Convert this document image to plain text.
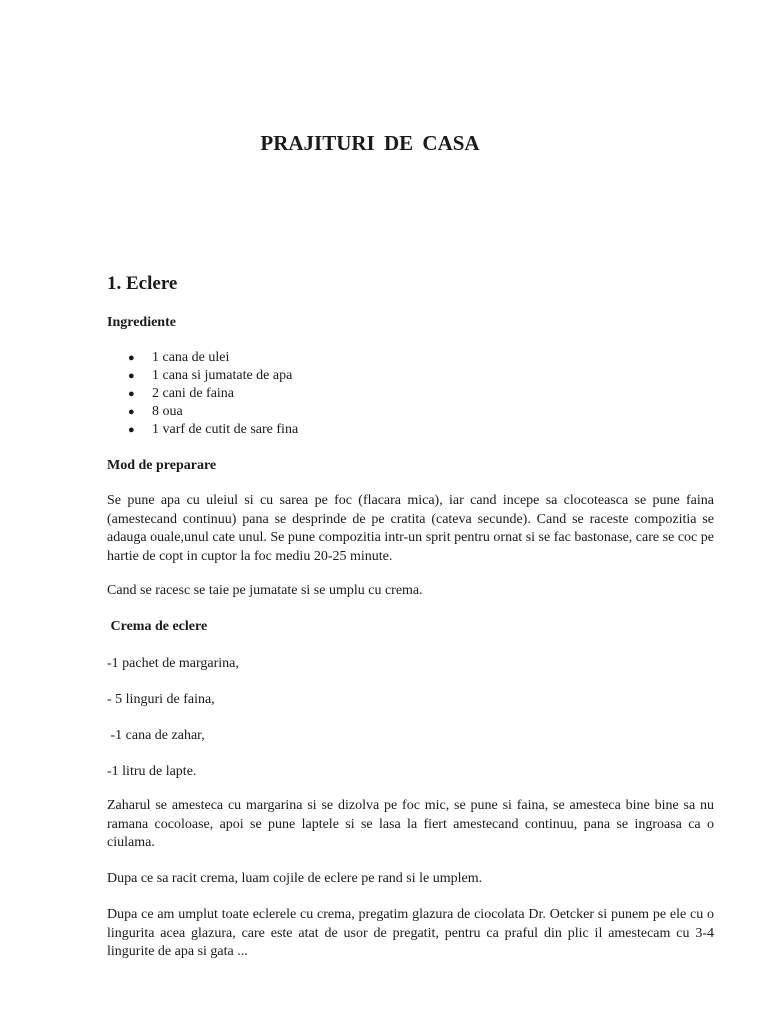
PRAJITURI DE CASA
1. Eclere

Ingrediente

● 1 cana de ulei
● 1 cana si jumatate de apa
● 2 cani de faina
● 8 oua
● 1 varf de cutit de sare fina

Mod de preparare

Se pune apa cu uleiul si cu sarea pe foc (flacara mica), iar cand incepe sa clocoteasca se pune faina (amestecand continuu) pana se desprinde de pe cratita (cateva secunde). Cand se raceste compozitia se adauga ouale,unul cate unul. Se pune compozitia intr-un sprit pentru ornat si se fac bastonase, care se coc pe hartie de copt in cuptor la foc mediu 20-25 minute.

Cand se racesc se taie pe jumatate si se umplu cu crema.

Crema de eclere

-1 pachet de margarina,

- 5 linguri de faina,

-1 cana de zahar,

-1 litru de lapte.

Zaharul se amesteca cu margarina si se dizolva pe foc mic, se pune si faina, se amesteca bine bine sa nu ramana cocoloase, apoi se pune laptele si se lasa la fiert amestecand continuu, pana se ingroasa ca o ciulama.

Dupa ce sa racit crema, luam cojile de eclere pe rand si le umplem.

Dupa ce am umplut toate eclerele cu crema, pregatim glazura de ciocolata Dr. Oetcker si punem pe ele cu o lingurita acea glazura, care este atat de usor de pregatit, pentru ca praful din plic il amestecam cu 3-4 lingurite de apa si gata ...
